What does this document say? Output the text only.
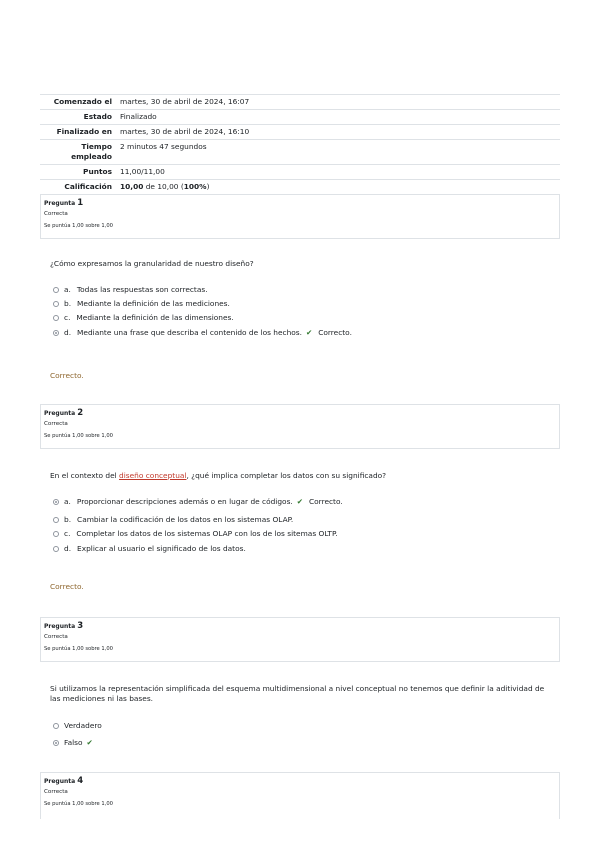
Comenzado el	martes, 30 de abril de 2024, 16:07
Estado	Finalizado
Finalizado en	martes, 30 de abril de 2024, 16:10
Tiempo empleado	2 minutos 47 segundos
Puntos	11,00/11,00
Calificación	10,00 de 10,00 (100%)
Pregunta 1
Correcta
Se puntúa 1,00 sobre 1,00
¿Cómo expresamos la granularidad de nuestro diseño?
a. Todas las respuestas son correctas.
b. Mediante la definición de las mediciones.
c. Mediante la definición de las dimensiones.
d. Mediante una frase que describa el contenido de los hechos. ✔ Correcto.
Correcto.
Pregunta 2
Correcta
Se puntúa 1,00 sobre 1,00
En el contexto del diseño conceptual, ¿qué implica completar los datos con su significado?
a. Proporcionar descripciones además o en lugar de códigos. ✔ Correcto.
b. Cambiar la codificación de los datos en los sistemas OLAP.
c. Completar los datos de los sistemas OLAP con los de los sitemas OLTP.
d. Explicar al usuario el significado de los datos.
Correcto.
Pregunta 3
Correcta
Se puntúa 1,00 sobre 1,00
Si utilizamos la representación simplificada del esquema multidimensional a nivel conceptual no tenemos que definir la aditividad de las mediciones ni las bases.
Verdadero
Falso ✔
Pregunta 4
Correcta
Se puntúa 1,00 sobre 1,00
